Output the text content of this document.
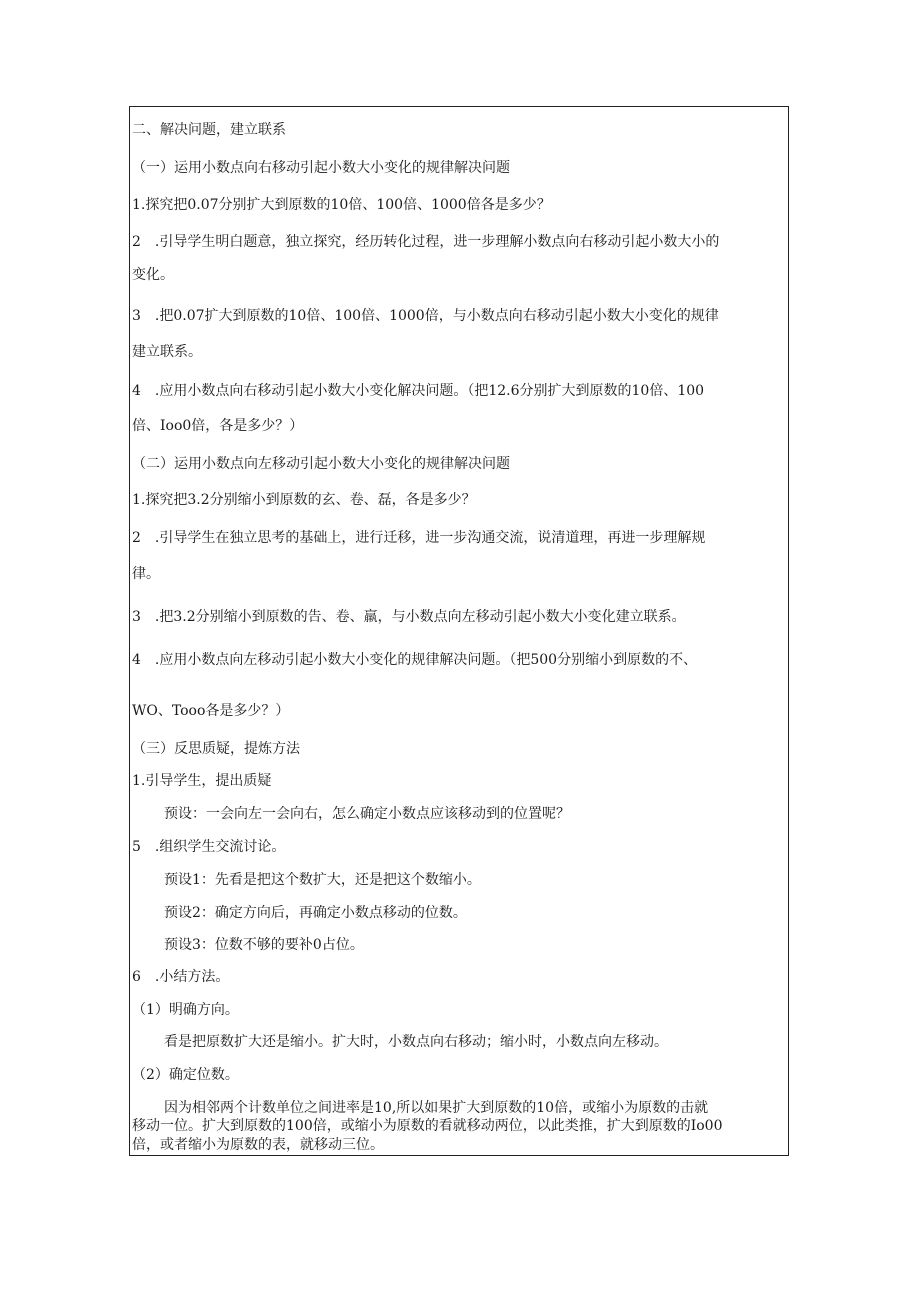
二、解决问题，建立联系
（一）运用小数点向右移动引起小数大小变化的规律解决问题
1.探究把0.07分别扩大到原数的10倍、100倍、1000倍各是多少？
2　.引导学生明白题意，独立探究，经历转化过程，进一步理解小数点向右移动引起小数大小的
变化。
3　.把0.07扩大到原数的10倍、100倍、1000倍，与小数点向右移动引起小数大小变化的规律
建立联系。
4　.应用小数点向右移动引起小数大小变化解决问题。（把12.6分别扩大到原数的10倍、100
倍、Ioo0倍，各是多少？）
（二）运用小数点向左移动引起小数大小变化的规律解决问题
1.探究把3.2分别缩小到原数的玄、卷、磊，各是多少？
2　.引导学生在独立思考的基础上，进行迁移，进一步沟通交流，说清道理，再进一步理解规
律。
3　.把3.2分别缩小到原数的告、卷、羸，与小数点向左移动引起小数大小变化建立联系。
4　.应用小数点向左移动引起小数大小变化的规律解决问题。（把500分别缩小到原数的不、
WO、Tooo各是多少？）
（三）反思质疑，提炼方法
1.引导学生，提出质疑
预设：一会向左一会向右，怎么确定小数点应该移动到的位置呢？
5　.组织学生交流讨论。
预设1：先看是把这个数扩大，还是把这个数缩小。
预设2：确定方向后，再确定小数点移动的位数。
预设3：位数不够的要补0占位。
6　.小结方法。
（1）明确方向。
看是把原数扩大还是缩小。扩大时，小数点向右移动；缩小时，小数点向左移动。
（2）确定位数。
因为相邻两个计数单位之间进率是10,所以如果扩大到原数的10倍，或缩小为原数的击就
移动一位。扩大到原数的100倍，或缩小为原数的看就移动两位，以此类推，扩大到原数的Io00
倍，或者缩小为原数的表，就移动三位。
